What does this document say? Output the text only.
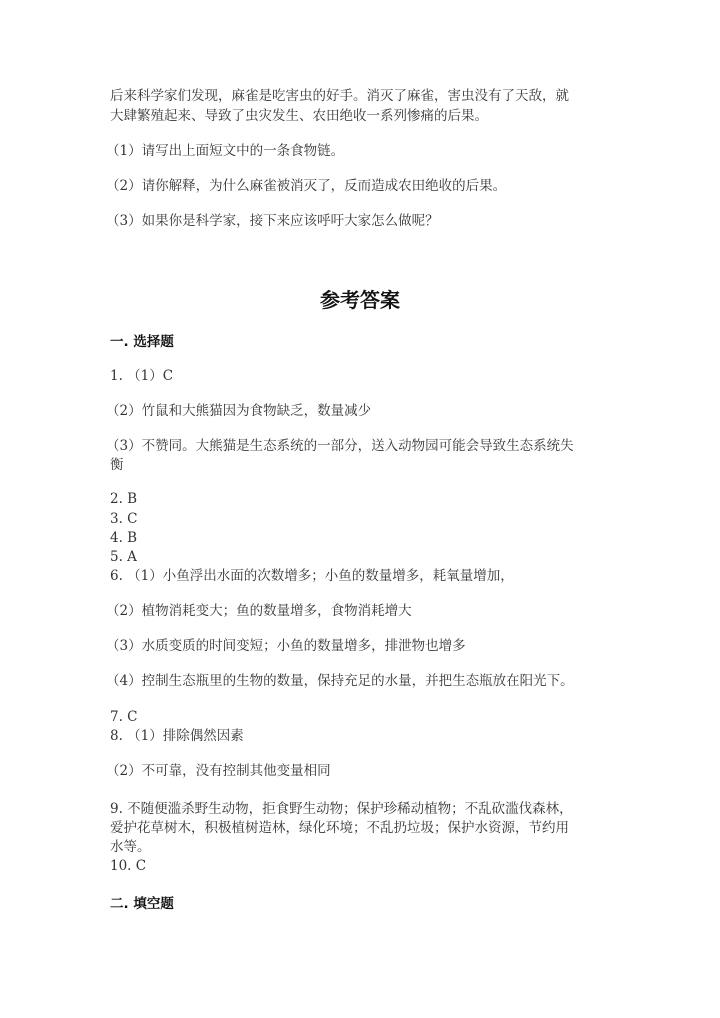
后来科学家们发现，麻雀是吃害虫的好手。消灭了麻雀，害虫没有了天敌，就
大肆繁殖起来、导致了虫灾发生、农田绝收一系列惨痛的后果。
（1）请写出上面短文中的一条食物链。
（2）请你解释，为什么麻雀被消灭了，反而造成农田绝收的后果。
（3）如果你是科学家，接下来应该呼吁大家怎么做呢？
参考答案
一. 选择题
1. （1）C
（2）竹鼠和大熊猫因为食物缺乏，数量减少
（3）不赞同。大熊猫是生态系统的一部分，送入动物园可能会导致生态系统失
衡
2. B
3. C
4. B
5. A
6. （1）小鱼浮出水面的次数增多；小鱼的数量增多，耗氧量增加，
（2）植物消耗变大；鱼的数量增多，食物消耗增大
（3）水质变质的时间变短；小鱼的数量增多，排泄物也增多
（4）控制生态瓶里的生物的数量，保持充足的水量，并把生态瓶放在阳光下。
7. C
8. （1）排除偶然因素
（2）不可靠，没有控制其他变量相同
9. 不随便滥杀野生动物，拒食野生动物；保护珍稀动植物；不乱砍滥伐森林，
爱护花草树木，积极植树造林，绿化环境；不乱扔垃圾；保护水资源，节约用
水等。
10. C
二. 填空题
